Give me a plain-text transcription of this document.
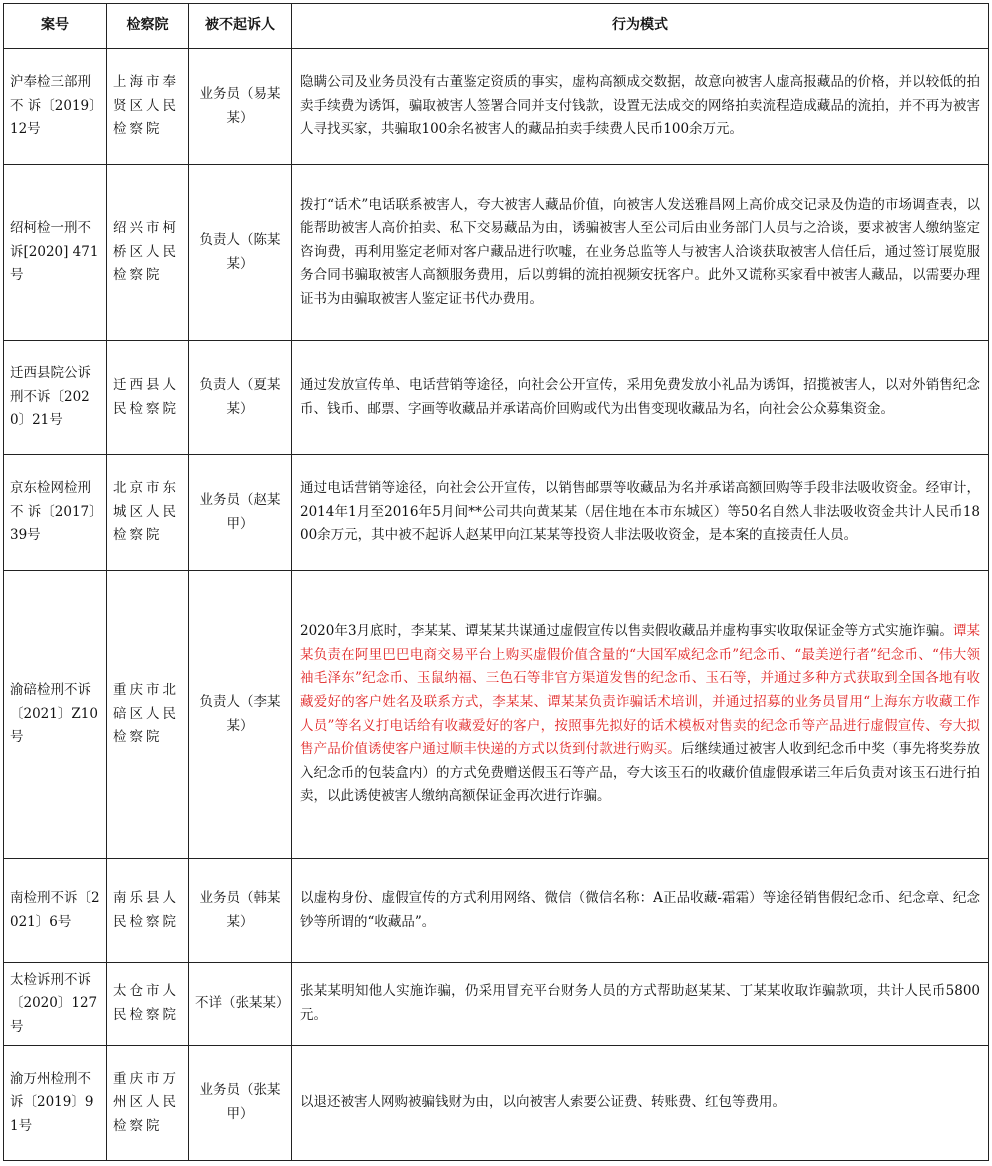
案号	检察院	被不起诉人	行为模式
沪奉检三部刑 不 诉〔2019〕12号	上海市奉贤区人民检察院	业务员（易某某）	隐瞒公司及业务员没有古董鉴定资质的事实，虚构高额成交数据，故意向被害人虚高报藏品的价格，并以较低的拍卖手续费为诱饵，骗取被害人签署合同并支付钱款，设置无法成交的网络拍卖流程造成藏品的流拍，并不再为被害人寻找买家，共骗取100余名被害人的藏品拍卖手续费人民币100余万元。
绍柯检一刑不诉[2020] 471号	绍兴市柯桥区人民检察院	负责人（陈某某）	拨打“话术”电话联系被害人，夸大被害人藏品价值，向被害人发送雅昌网上高价成交记录及伪造的市场调查表，以能帮助被害人高价拍卖、私下交易藏品为由，诱骗被害人至公司后由业务部门人员与之洽谈，要求被害人缴纳鉴定咨询费，再利用鉴定老师对客户藏品进行吹嘘，在业务总监等人与被害人洽谈获取被害人信任后，通过签订展览服务合同书骗取被害人高额服务费用，后以剪辑的流拍视频安抚客户。此外又谎称买家看中被害人藏品，以需要办理证书为由骗取被害人鉴定证书代办费用。
迁西县院公诉刑不诉〔2020〕21号	迁西县人民检察院	负责人（夏某某）	通过发放宣传单、电话营销等途径，向社会公开宣传，采用免费发放小礼品为诱饵，招揽被害人，以对外销售纪念币、钱币、邮票、字画等收藏品并承诺高价回购或代为出售变现收藏品为名，向社会公众募集资金。
京东检网检刑 不 诉〔2017〕39号	北京市东城区人民检察院	业务员（赵某甲）	通过电话营销等途径，向社会公开宣传，以销售邮票等收藏品为名并承诺高额回购等手段非法吸收资金。经审计，2014年1月至2016年5月间**公司共向黄某某（居住地在本市东城区）等50名自然人非法吸收资金共计人民币1800余万元，其中被不起诉人赵某甲向江某某等投资人非法吸收资金，是本案的直接责任人员。
渝碚检刑不诉〔2021〕Z10号	重庆市北碚区人民检察院	负责人（李某某）	2020年3月底时，李某某、谭某某共谋通过虚假宣传以售卖假收藏品并虚构事实收取保证金等方式实施诈骗。谭某某负责在阿里巴巴电商交易平台上购买虚假价值含量的“大国军威纪念币”纪念币、“最美逆行者”纪念币、“伟大领袖毛泽东”纪念币、玉鼠纳福、三色石等非官方渠道发售的纪念币、玉石等，并通过多种方式获取到全国各地有收藏爱好的客户姓名及联系方式，李某某、谭某某负责诈骗话术培训，并通过招募的业务员冒用“上海东方收藏工作人员”等名义打电话给有收藏爱好的客户，按照事先拟好的话术模板对售卖的纪念币等产品进行虚假宣传、夸大拟售产品价值诱使客户通过顺丰快递的方式以货到付款进行购买。后继续通过被害人收到纪念币中奖（事先将奖券放入纪念币的包装盒内）的方式免费赠送假玉石等产品，夸大该玉石的收藏价值虚假承诺三年后负责对该玉石进行拍卖，以此诱使被害人缴纳高额保证金再次进行诈骗。
南检刑不诉〔2021〕6号	南乐县人民检察院	业务员（韩某某）	以虚构身份、虚假宣传的方式利用网络、微信（微信名称：A正品收藏-霜霜）等途径销售假纪念币、纪念章、纪念钞等所谓的“收藏品”。
太检诉刑不诉〔2020〕127号	太仓市人民检察院	不详（张某某）	张某某明知他人实施诈骗，仍采用冒充平台财务人员的方式帮助赵某某、丁某某收取诈骗款项，共计人民币5800元。
渝万州检刑不诉〔2019〕91号	重庆市万州区人民检察院	业务员（张某甲）	以退还被害人网购被骗钱财为由，以向被害人索要公证费、转账费、红包等费用。
